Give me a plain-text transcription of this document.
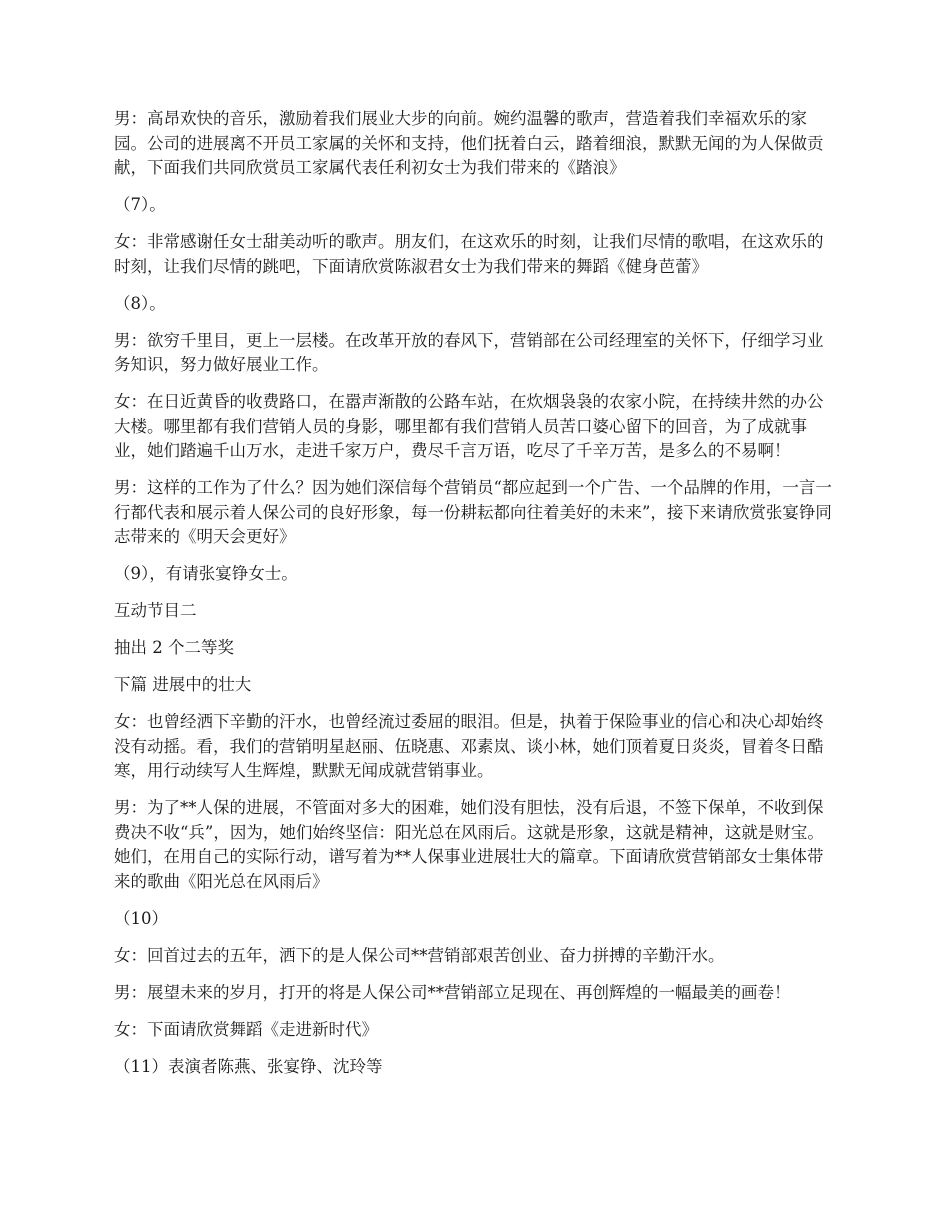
男：高昂欢快的音乐，激励着我们展业大步的向前。婉约温馨的歌声，营造着我们幸福欢乐的家园。公司的进展离不开员工家属的关怀和支持，他们抚着白云，踏着细浪，默默无闻的为人保做贡献，下面我们共同欣赏员工家属代表任利初女士为我们带来的《踏浪》

（7）。

女：非常感谢任女士甜美动听的歌声。朋友们，在这欢乐的时刻，让我们尽情的歌唱，在这欢乐的时刻，让我们尽情的跳吧，下面请欣赏陈淑君女士为我们带来的舞蹈《健身芭蕾》

（8）。

男：欲穷千里目，更上一层楼。在改革开放的春风下，营销部在公司经理室的关怀下，仔细学习业务知识，努力做好展业工作。

女：在日近黄昏的收费路口，在嚣声渐散的公路车站，在炊烟袅袅的农家小院，在持续井然的办公大楼。哪里都有我们营销人员的身影，哪里都有我们营销人员苦口婆心留下的回音，为了成就事业，她们踏遍千山万水，走进千家万户，费尽千言万语，吃尽了千辛万苦，是多么的不易啊！

男：这样的工作为了什么？因为她们深信每个营销员“都应起到一个广告、一个品牌的作用，一言一行都代表和展示着人保公司的良好形象，每一份耕耘都向往着美好的未来”，接下来请欣赏张宴铮同志带来的《明天会更好》

（9），有请张宴铮女士。

互动节目二

抽出 2 个二等奖

下篇 进展中的壮大

女：也曾经洒下辛勤的汗水，也曾经流过委屈的眼泪。但是，执着于保险事业的信心和决心却始终没有动摇。看，我们的营销明星赵丽、伍晓惠、邓素岚、谈小林，她们顶着夏日炎炎，冒着冬日酷寒，用行动续写人生辉煌，默默无闻成就营销事业。

男：为了**人保的进展，不管面对多大的困难，她们没有胆怯，没有后退，不签下保单，不收到保费决不收“兵”，因为，她们始终坚信：阳光总在风雨后。这就是形象，这就是精神，这就是财宝。她们，在用自己的实际行动，谱写着为**人保事业进展壮大的篇章。下面请欣赏营销部女士集体带来的歌曲《阳光总在风雨后》

（10）

女：回首过去的五年，洒下的是人保公司**营销部艰苦创业、奋力拼搏的辛勤汗水。

男：展望未来的岁月，打开的将是人保公司**营销部立足现在、再创辉煌的一幅最美的画卷！

女：下面请欣赏舞蹈《走进新时代》

（11）表演者陈燕、张宴铮、沈玲等
